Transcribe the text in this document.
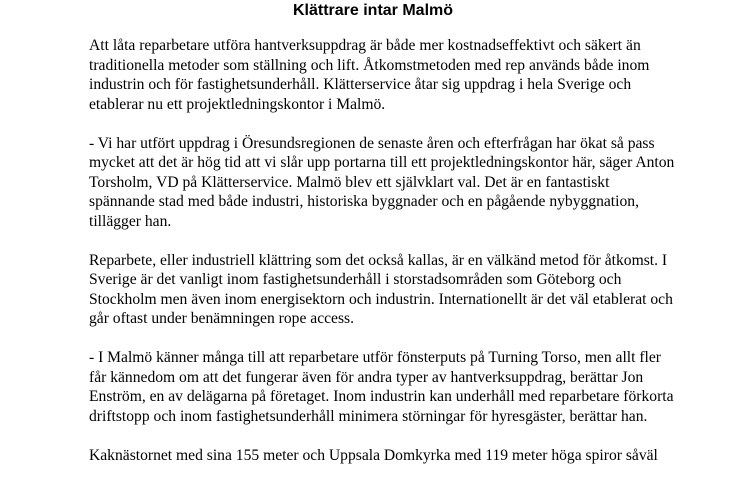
Klättrare intar Malmö

Att låta reparbetare utföra hantverksuppdrag är både mer kostnadseffektivt och säkert än
traditionella metoder som ställning och lift. Åtkomstmetoden med rep används både inom
industrin och för fastighetsunderhåll. Klätterservice åtar sig uppdrag i hela Sverige och
etablerar nu ett projektledningskontor i Malmö.

- Vi har utfört uppdrag i Öresundsregionen de senaste åren och efterfrågan har ökat så pass
mycket att det är hög tid att vi slår upp portarna till ett projektledningskontor här, säger Anton
Torsholm, VD på Klätterservice. Malmö blev ett självklart val. Det är en fantastiskt
spännande stad med både industri, historiska byggnader och en pågående nybyggnation,
tillägger han.

Reparbete, eller industriell klättring som det också kallas, är en välkänd metod för åtkomst. I
Sverige är det vanligt inom fastighetsunderhåll i storstadsområden som Göteborg och
Stockholm men även inom energisektorn och industrin. Internationellt är det väl etablerat och
går oftast under benämningen rope access.

- I Malmö känner många till att reparbetare utför fönsterputs på Turning Torso, men allt fler
får kännedom om att det fungerar även för andra typer av hantverksuppdrag, berättar Jon
Enström, en av delägarna på företaget. Inom industrin kan underhåll med reparbetare förkorta
driftstopp och inom fastighetsunderhåll minimera störningar för hyresgäster, berättar han.

Kaknästornet med sina 155 meter och Uppsala Domkyrka med 119 meter höga spiror såväl
